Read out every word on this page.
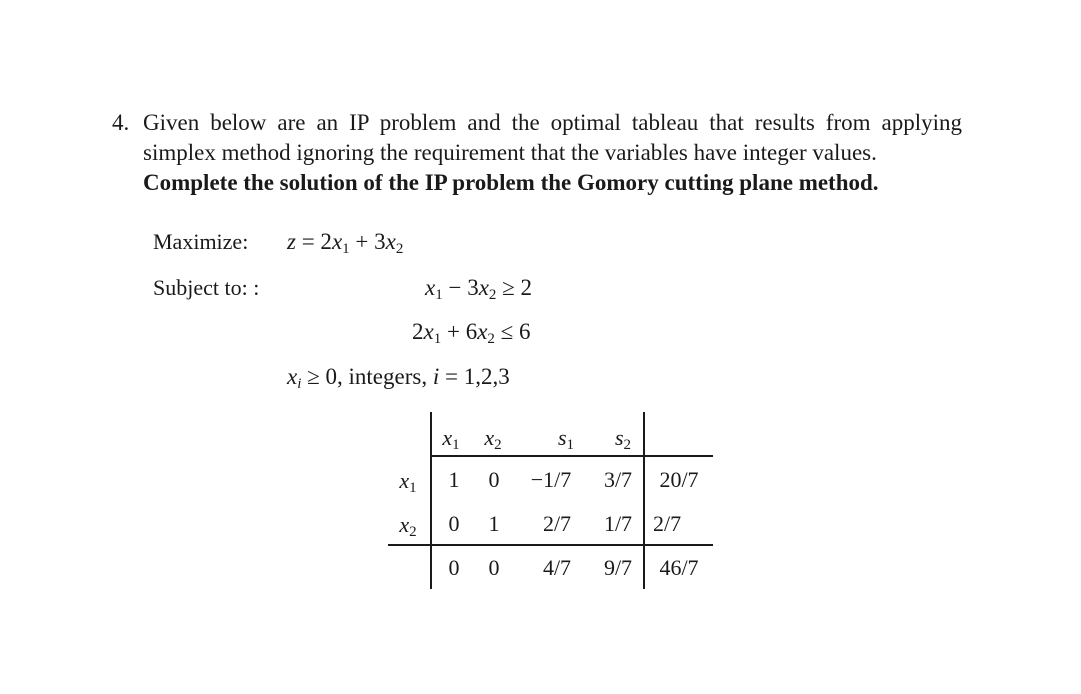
4. Given below are an IP problem and the optimal tableau that results from applying simplex method ignoring the requirement that the variables have integer values.
Complete the solution of the IP problem the Gomory cutting plane method.
Maximize: $z = 2x_1 + 3x_2$
Subject to: :	$x_1 - 3x_2 \ge 2$
$2x_1 + 6x_2 \le 6$
$x_i \ge 0$, integers, i = 1,2,3
$x_1$ $x_2$	$s_1$	$s_2$
$x_1$ 1 0	−1/7	3/7	20/7
$x_2$ 0 1	2/7	1/7 2/7
0 0	4/7	9/7	46/7
